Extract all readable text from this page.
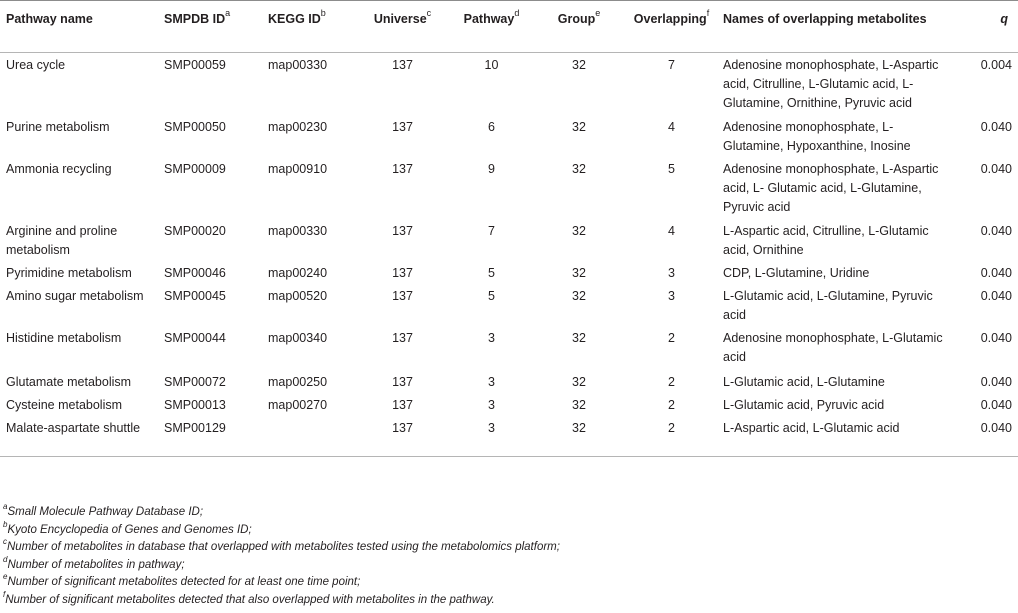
Pathway name	SMPDB $ID^a$	KEGG $ID^b$	Universe$^c$	Pathway$^d$	Group$^e$	Overlapping$^f$	Names of overlapping metabolites	q
Urea cycle	SMP00059	map00330	137	10	32	7	Adenosine monophosphate, L-Aspartic acid, Citrulline, L-Glutamic acid, L-Glutamine, Ornithine, Pyruvic acid	0.004
Purine metabolism	SMP00050	map00230	137	6	32	4	Adenosine monophosphate, L-Glutamine, Hypoxanthine, Inosine	0.040
Ammonia recycling	SMP00009	map00910	137	9	32	5	Adenosine monophosphate, L-Aspartic acid, L- Glutamic acid, L-Glutamine, Pyruvic acid	0.040
Arginine and proline metabolism	SMP00020	map00330	137	7	32	4	L-Aspartic acid, Citrulline, L-Glutamic acid, Ornithine	0.040
Pyrimidine metabolism	SMP00046	map00240	137	5	32	3	CDP, L-Glutamine, Uridine	0.040
Amino sugar metabolism	SMP00045	map00520	137	5	32	3	L-Glutamic acid, L-Glutamine, Pyruvic acid	0.040
Histidine metabolism	SMP00044	map00340	137	3	32	2	Adenosine monophosphate, L-Glutamic acid	0.040
Glutamate metabolism	SMP00072	map00250	137	3	32	2	L-Glutamic acid, L-Glutamine	0.040
Cysteine metabolism	SMP00013	map00270	137	3	32	2	L-Glutamic acid, Pyruvic acid	0.040
Malate-aspartate shuttle	SMP00129		137	3	32	2	L-Aspartic acid, L-Glutamic acid	0.040
$^a$Small Molecule Pathway Database ID;
$^b$Kyoto Encyclopedia of Genes and Genomes ID;
$^c$Number of metabolites in database that overlapped with metabolites tested using the metabolomics platform;
$^d$Number of metabolites in pathway;
$^e$Number of significant metabolites detected for at least one time point;
$^f$Number of significant metabolites detected that also overlapped with metabolites in the pathway.
